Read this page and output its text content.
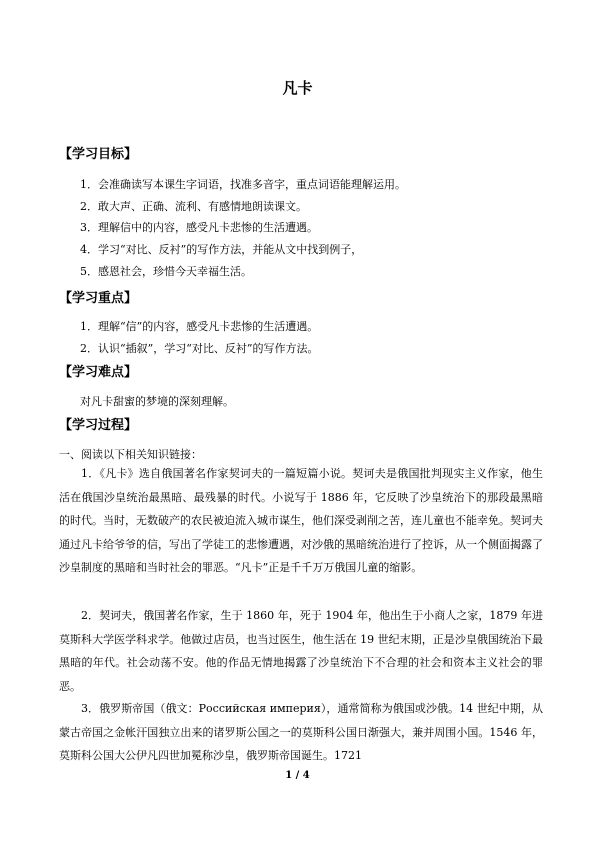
凡卡
【学习目标】
1．会准确读写本课生字词语，找准多音字，重点词语能理解运用。
2．敢大声、正确、流利、有感情地朗读课文。
3．理解信中的内容，感受凡卡悲惨的生活遭遇。
4．学习“对比、反衬”的写作方法，并能从文中找到例子，
5．感恩社会，珍惜今天幸福生活。
【学习重点】
1．理解“信”的内容，感受凡卡悲惨的生活遭遇。
2．认识“插叙”，学习“对比、反衬”的写作方法。
【学习难点】
对凡卡甜蜜的梦境的深刻理解。
【学习过程】
一、阅读以下相关知识链接：

1．《凡卡》选自俄国著名作家契诃夫的一篇短篇小说。契诃夫是俄国批判现实主义作家，他生活在俄国沙皇统治最黑暗、最残暴的时代。小说写于 1886 年，它反映了沙皇统治下的那段最黑暗的时代。当时，无数破产的农民被迫流入城市谋生，他们深受剥削之苦，连儿童也不能幸免。契诃夫通过凡卡给爷爷的信，写出了学徒工的悲惨遭遇，对沙俄的黑暗统治进行了控诉，从一个侧面揭露了沙皇制度的黑暗和当时社会的罪恶。“凡卡”正是千千万万俄国儿童的缩影。

2．契诃夫，俄国著名作家，生于 1860 年，死于 1904 年，他出生于小商人之家，1879 年进莫斯科大学医学科求学。他做过店员，也当过医生，他生活在 19 世纪末期，正是沙皇俄国统治下最黑暗的年代。社会动荡不安。他的作品无情地揭露了沙皇统治下不合理的社会和资本主义社会的罪恶。

3．俄罗斯帝国（俄文：Российская империя），通常简称为俄国或沙俄。14 世纪中期，从蒙古帝国之金帐汗国独立出来的诸罗斯公国之一的莫斯科公国日渐强大，兼并周围小国。1546 年，莫斯科公国大公伊凡四世加冕称沙皇，俄罗斯帝国诞生。1721

1 / 4
